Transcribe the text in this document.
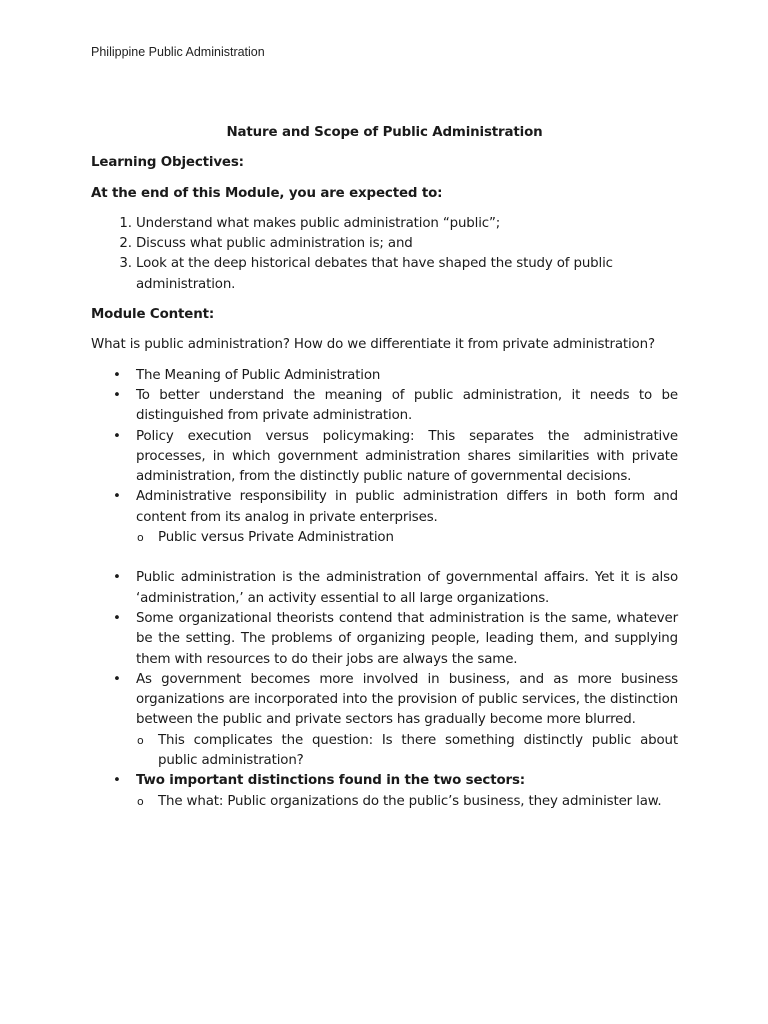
Philippine Public Administration
Nature and Scope of Public Administration
Learning Objectives:
At the end of this Module, you are expected to:
1. Understand what makes public administration “public”;
2. Discuss what public administration is; and
3. Look at the deep historical debates that have shaped the study of public administration.
Module Content:
What is public administration? How do we differentiate it from private administration?
• The Meaning of Public Administration
• To better understand the meaning of public administration, it needs to be distinguished from private administration.
• Policy execution versus policymaking: This separates the administrative processes, in which government administration shares similarities with private administration, from the distinctly public nature of governmental decisions.
• Administrative responsibility in public administration differs in both form and content from its analog in private enterprises.
o Public versus Private Administration
• Public administration is the administration of governmental affairs. Yet it is also ‘administration,’ an activity essential to all large organizations.
• Some organizational theorists contend that administration is the same, whatever be the setting. The problems of organizing people, leading them, and supplying them with resources to do their jobs are always the same.
• As government becomes more involved in business, and as more business organizations are incorporated into the provision of public services, the distinction between the public and private sectors has gradually become more blurred.
o This complicates the question: Is there something distinctly public about public administration?
• Two important distinctions found in the two sectors:
o The what: Public organizations do the public’s business, they administer law.
